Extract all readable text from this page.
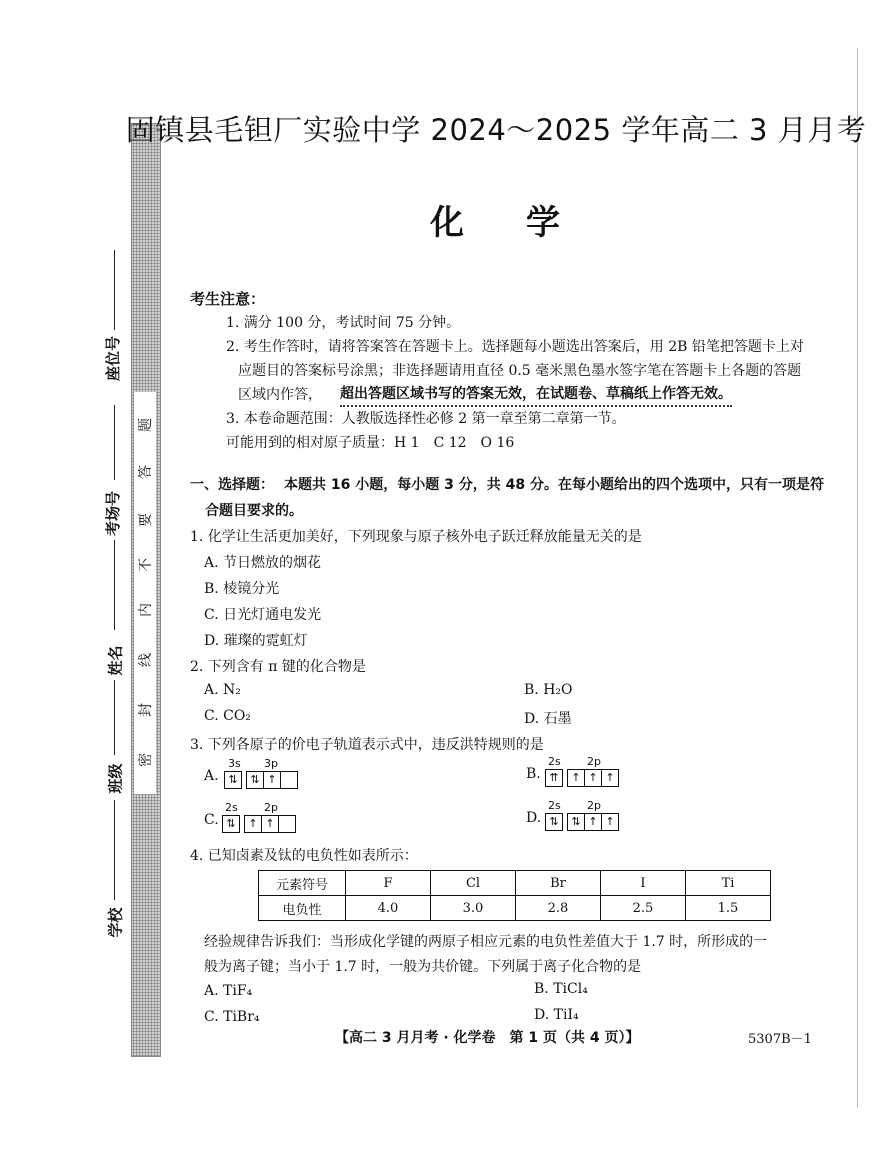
密
封
线
内
不
要
答
题
座位号
考场号
姓名
班级
学校
固镇县毛钽厂实验中学 2024～2025 学年高二 3 月月考
化学
考生注意：
1. 满分 100 分，考试时间 75 分钟。
2. 考生作答时，请将答案答在答题卡上。选择题每小题选出答案后，用 2B 铅笔把答题卡上对
应题目的答案标号涂黑；非选择题请用直径 0.5 毫米黑色墨水签字笔在答题卡上各题的答题
区域内作答， 超出答题区域书写的答案无效，在试题卷、草稿纸上作答无效。
3. 本卷命题范围：人教版选择性必修 2 第一章至第二章第一节。
可能用到的相对原子质量：H 1　C 12　O 16
一、选择题： 本题共 16 小题，每小题 3 分，共 48 分。在每小题给出的四个选项中，只有一项是符
合题目要求的。
1. 化学让生活更加美好，下列现象与原子核外电子跃迁释放能量无关的是
A. 节日燃放的烟花
B. 棱镜分光
C. 日光灯通电发光
D. 璀璨的霓虹灯
2. 下列含有 π 键的化合物是
A. N₂	B. H₂O
C. CO₂	D. 石墨
3. 下列各原子的价电子轨道表示式中，违反洪特规则的是
A.
3s 3p
⇅	⇅ ↑	B.
2s 2p
⇈	↑ ↑ ↑
C.
2s 2p
⇅	↑ ↑	D.
2s 2p
⇅	⇅ ↑ ↑
4. 已知卤素及钛的电负性如表所示：
元素符号	F	Cl	Br	I	Ti
电负性	4.0	3.0	2.8	2.5	1.5
经验规律告诉我们：当形成化学键的两原子相应元素的电负性差值大于 1.7 时，所形成的一
般为离子键；当小于 1.7 时，一般为共价键。下列属于离子化合物的是
A. TiF₄	B. TiCl₄
C. TiBr₄	D. TiI₄
【高二 3 月月考 · 化学卷　第 1 页（共 4 页）】	5307B－1
